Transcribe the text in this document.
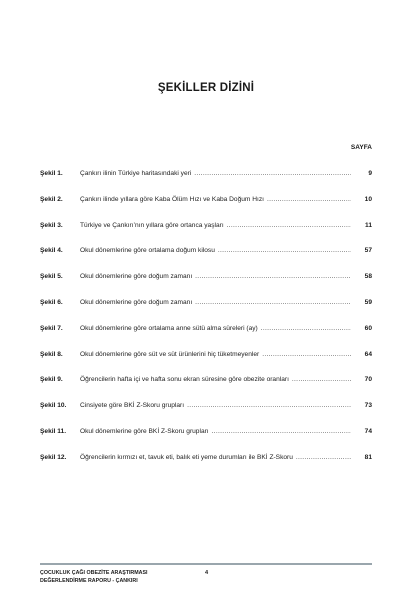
ŞEKİLLER DİZİNİ
SAYFA
Şekil 1.	Çankırı ilinin Türkiye haritasındaki yeri .....	9
Şekil 2.	Çankırı ilinde yıllara göre Kaba Ölüm Hızı ve Kaba Doğum Hızı .....	10
Şekil 3.	Türkiye ve Çankırı’nın yıllara göre ortanca yaşları .....	11
Şekil 4.	Okul dönemlerine göre ortalama doğum kilosu .....	57
Şekil 5.	Okul dönemlerine göre doğum zamanı .....	58
Şekil 6.	Okul dönemlerine göre doğum zamanı .....	59
Şekil 7.	Okul dönemlerine göre ortalama anne sütü alma süreleri (ay) .....	60
Şekil 8.	Okul dönemlerine göre süt ve süt ürünlerini hiç tüketmeyenler .....	64
Şekil 9.	Öğrencilerin hafta içi ve hafta sonu ekran süresine göre obezite oranları .....	70
Şekil 10.	Cinsiyete göre BKİ Z-Skoru grupları .....	73
Şekil 11.	Okul dönemlerine göre BKİ Z-Skoru grupları .....	74
Şekil 12.	Öğrencilerin kırmızı et, tavuk eti, balık eti yeme durumları ile BKİ Z-Skoru .....	81
ÇOCUKLUK ÇAĞI OBEZİTE ARAŞTIRMASI
DEĞERLENDİRME RAPORU - ÇANKIRI
4
